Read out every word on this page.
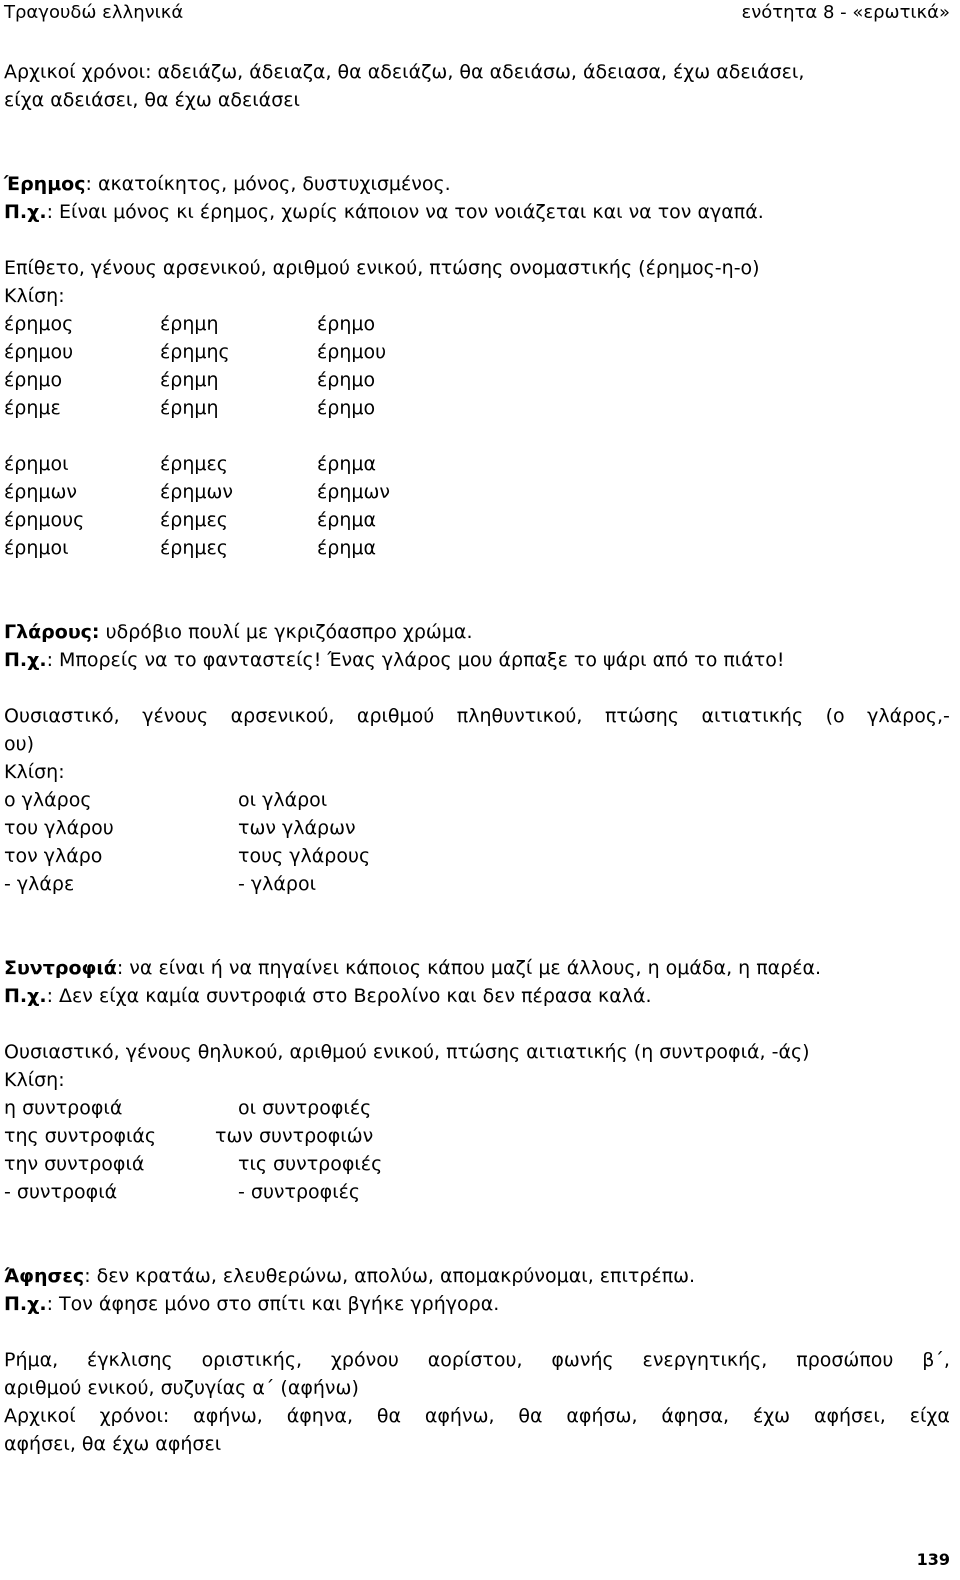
Τραγουδώ ελληνικά	ενότητα 8 - «ερωτικά»
Αρχικοί χρόνοι: αδειάζω, άδειαζα, θα αδειάζω, θα αδειάσω, άδειασα, έχω αδειάσει,
είχα αδειάσει, θα έχω αδειάσει
Έρημος: ακατοίκητος, μόνος, δυστυχισμένος.
Π.χ.: Είναι μόνος κι έρημος, χωρίς κάποιον να τον νοιάζεται και να τον αγαπά.
Επίθετο, γένους αρσενικού, αριθμού ενικού, πτώσης ονομαστικής (έρημος-η-ο)
Κλίση:
έρημος	έρημη	έρημο
έρημου	έρημης	έρημου
έρημο	έρημη	έρημο
έρημε	έρημη	έρημο
έρημοι	έρημες	έρημα
έρημων	έρημων	έρημων
έρημους	έρημες	έρημα
έρημοι	έρημες	έρημα
Γλάρους: υδρόβιο πουλί με γκριζόασπρο χρώμα.
Π.χ.: Μπορείς να το φανταστείς! Ένας γλάρος μου άρπαξε το ψάρι από το πιάτο!
Ουσιαστικό, γένους αρσενικού, αριθμού πληθυντικού, πτώσης αιτιατικής (ο γλάρος,-
ου)
Κλίση:
ο γλάρος	οι γλάροι
του γλάρου	των γλάρων
τον γλάρο	τους γλάρους
- γλάρε	- γλάροι
Συντροφιά: να είναι ή να πηγαίνει κάποιος κάπου μαζί με άλλους, η ομάδα, η παρέα.
Π.χ.: Δεν είχα καμία συντροφιά στο Βερολίνο και δεν πέρασα καλά.
Ουσιαστικό, γένους θηλυκού, αριθμού ενικού, πτώσης αιτιατικής (η συντροφιά, -άς)
Κλίση:
η συντροφιά	οι συντροφιές
της συντροφιάς	των συντροφιών
την συντροφιά	τις συντροφιές
- συντροφιά	- συντροφιές
Άφησες: δεν κρατάω, ελευθερώνω, απολύω, απομακρύνομαι, επιτρέπω.
Π.χ.: Τον άφησε μόνο στο σπίτι και βγήκε γρήγορα.
Ρήμα, έγκλισης οριστικής, χρόνου αορίστου, φωνής ενεργητικής, προσώπου β΄,
αριθμού ενικού, συζυγίας α΄ (αφήνω)
Αρχικοί χρόνοι: αφήνω, άφηνα, θα αφήνω, θα αφήσω, άφησα, έχω αφήσει, είχα
αφήσει, θα έχω αφήσει
139
